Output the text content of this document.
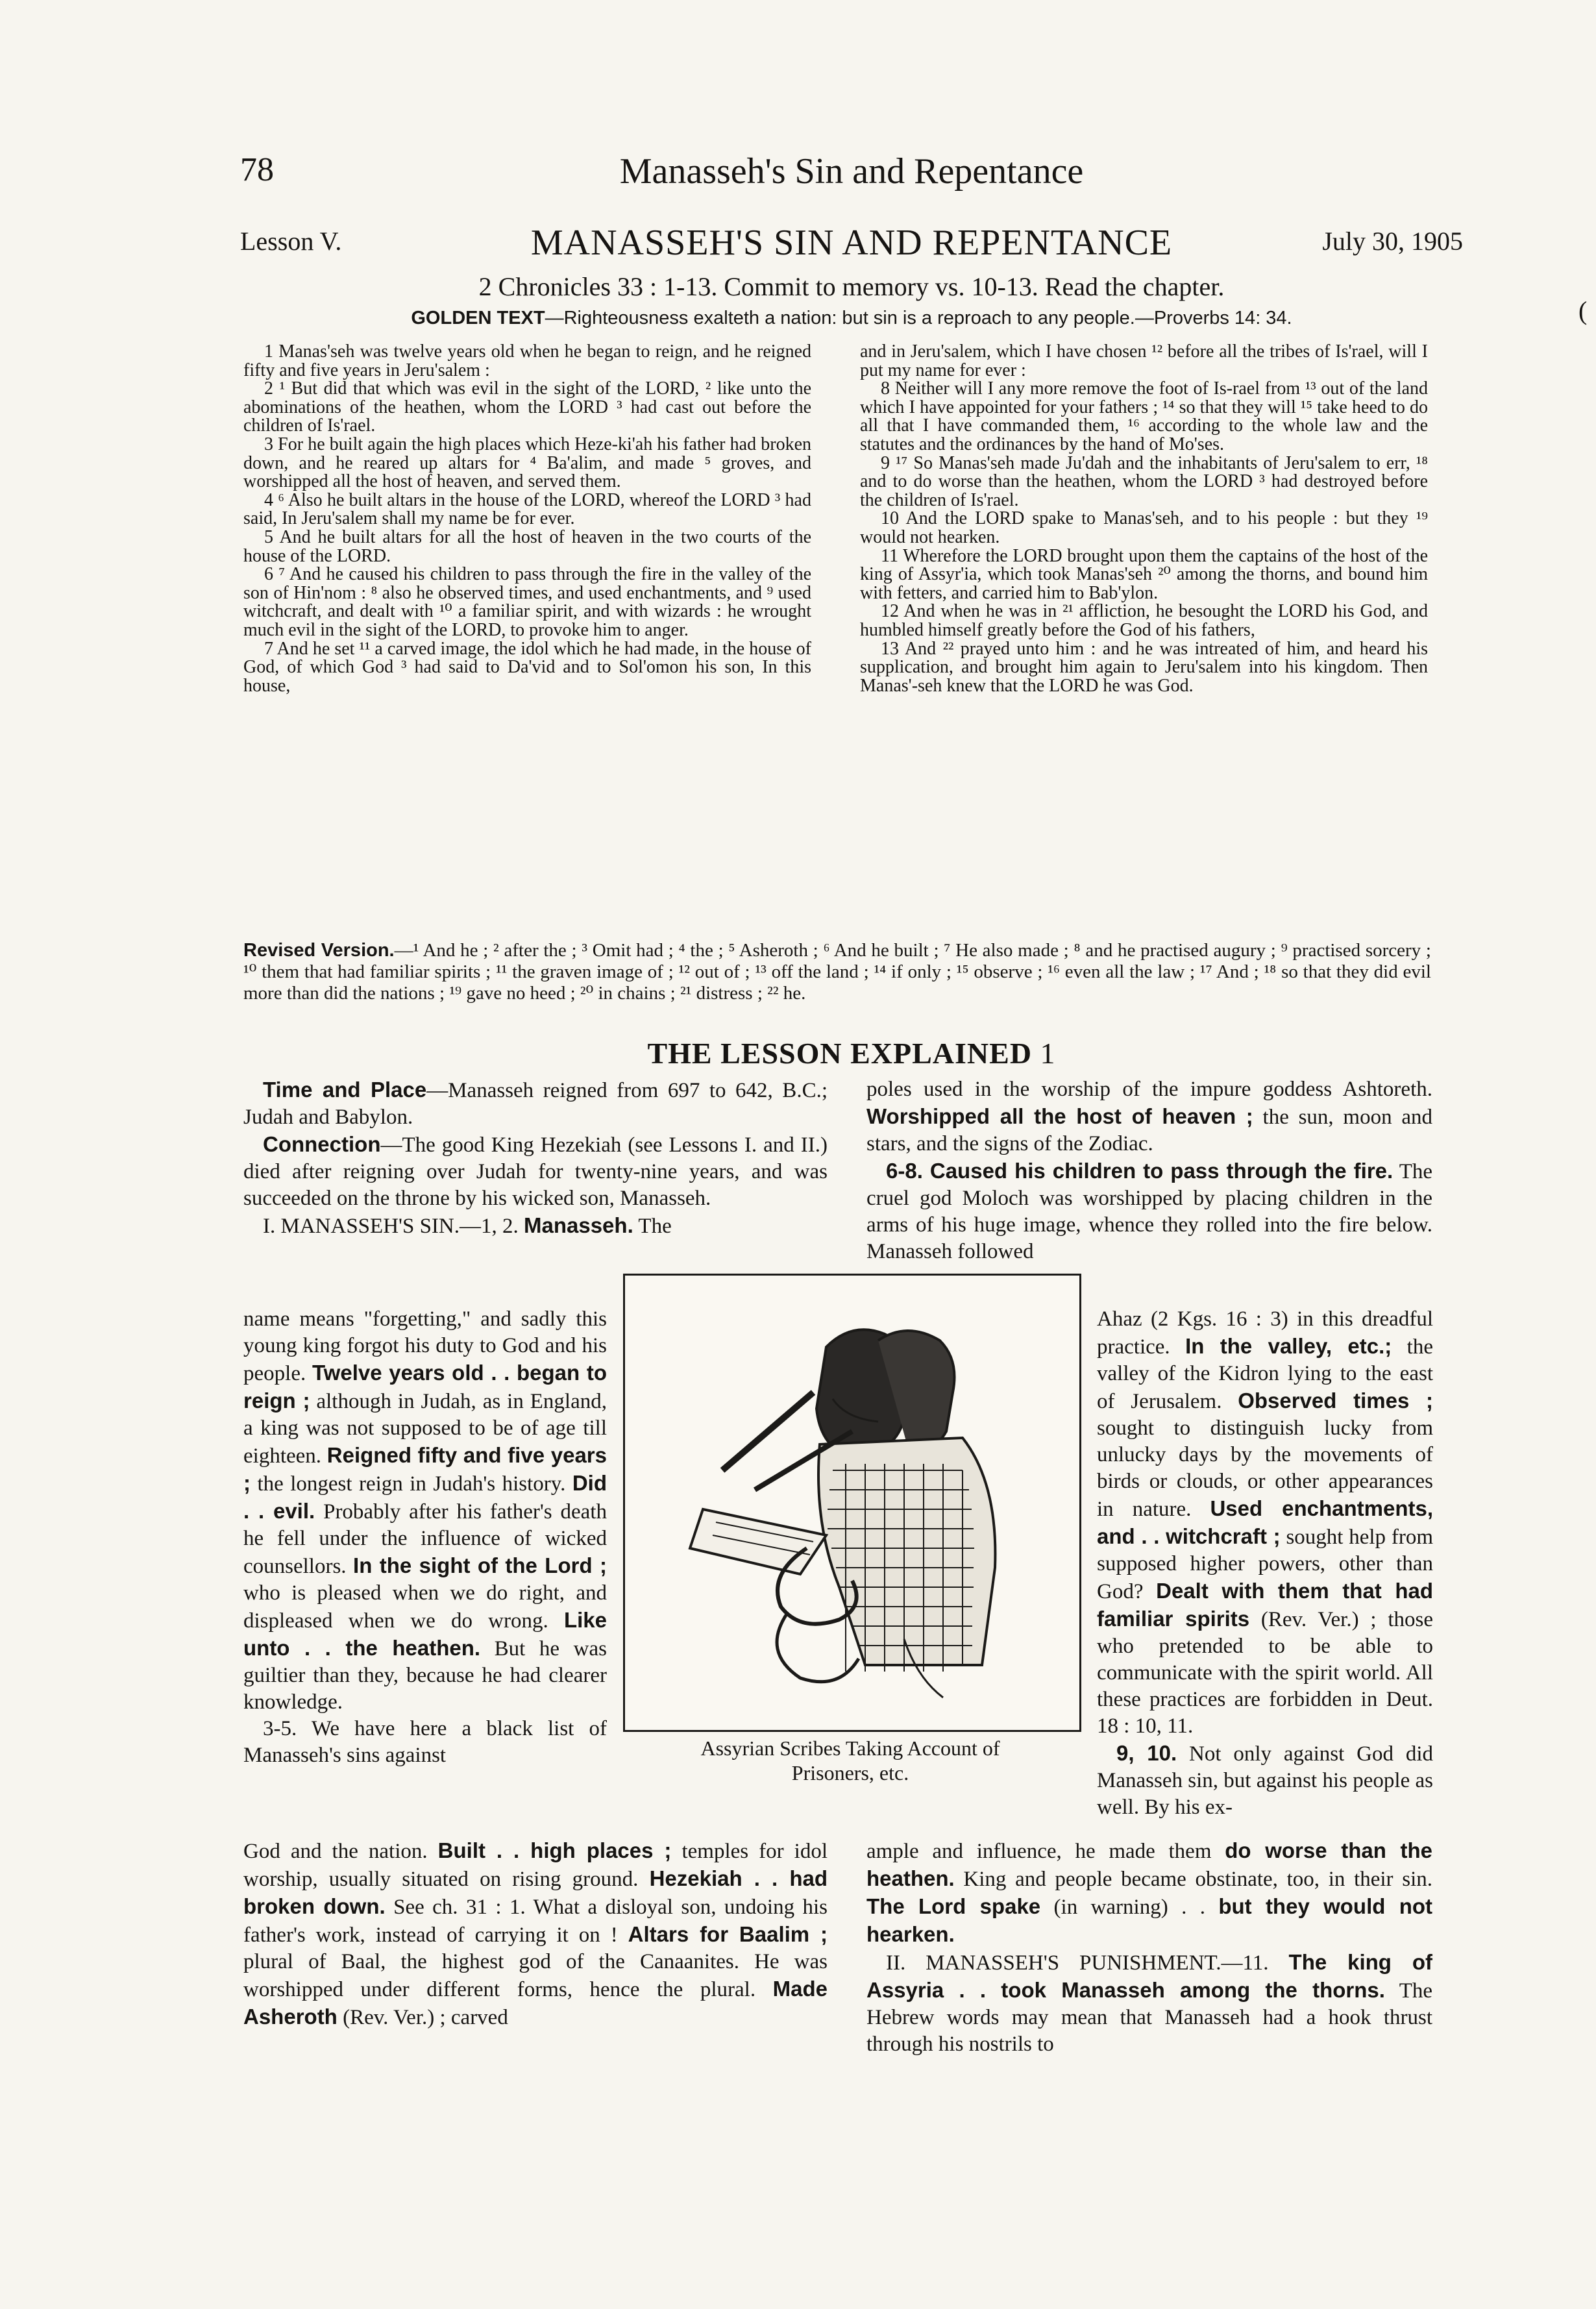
78	Manasseh's Sin and Repentance
Lesson V.	MANASSEH'S SIN AND REPENTANCE	July 30, 1905
2 Chronicles 33 : 1-13. Commit to memory vs. 10-13. Read the chapter.
GOLDEN TEXT—Righteousness exalteth a nation: but sin is a reproach to any people.—Proverbs 14: 34.

1 Manas'seh was twelve years old when he began to reign, and he reigned fifty and five years in Jeru'salem :

2 ¹ But did that which was evil in the sight of the LORD, ² like unto the abominations of the heathen, whom the LORD ³ had cast out before the children of Is'rael.

3 For he built again the high places which Heze-ki'ah his father had broken down, and he reared up altars for ⁴ Ba'alim, and made ⁵ groves, and worshipped all the host of heaven, and served them.

4 ⁶ Also he built altars in the house of the LORD, whereof the LORD ³ had said, In Jeru'salem shall my name be for ever.

5 And he built altars for all the host of heaven in the two courts of the house of the LORD.

6 ⁷ And he caused his children to pass through the fire in the valley of the son of Hin'nom : ⁸ also he observed times, and used enchantments, and ⁹ used witchcraft, and dealt with ¹⁰ a familiar spirit, and with wizards : he wrought much evil in the sight of the LORD, to provoke him to anger.

7 And he set ¹¹ a carved image, the idol which he had made, in the house of God, of which God ³ had said to Da'vid and to Sol'omon his son, In this house,

and in Jeru'salem, which I have chosen ¹² before all the tribes of Is'rael, will I put my name for ever :

8 Neither will I any more remove the foot of Is-rael from ¹³ out of the land which I have appointed for your fathers ; ¹⁴ so that they will ¹⁵ take heed to do all that I have commanded them, ¹⁶ according to the whole law and the statutes and the ordinances by the hand of Mo'ses.

9 ¹⁷ So Manas'seh made Ju'dah and the inhabitants of Jeru'salem to err, ¹⁸ and to do worse than the heathen, whom the LORD ³ had destroyed before the children of Is'rael.

10 And the LORD spake to Manas'seh, and to his people : but they ¹⁹ would not hearken.

11 Wherefore the LORD brought upon them the captains of the host of the king of Assyr'ia, which took Manas'seh ²⁰ among the thorns, and bound him with fetters, and carried him to Bab'ylon.

12 And when he was in ²¹ affliction, he besought the LORD his God, and humbled himself greatly before the God of his fathers,

13 And ²² prayed unto him : and he was intreated of him, and heard his supplication, and brought him again to Jeru'salem into his kingdom. Then Manas'-seh knew that the LORD he was God.

Revised Version.—¹ And he ; ² after the ; ³ Omit had ; ⁴ the ; ⁵ Asheroth ; ⁶ And he built ; ⁷ He also made ; ⁸ and he practised augury ; ⁹ practised sorcery ; ¹⁰ them that had familiar spirits ; ¹¹ the graven image of ; ¹² out of ; ¹³ off the land ; ¹⁴ if only ; ¹⁵ observe ; ¹⁶ even all the law ; ¹⁷ And ; ¹⁸ so that they did evil more than did the nations ; ¹⁹ gave no heed ; ²⁰ in chains ; ²¹ distress ; ²² he.
THE LESSON EXPLAINED 1

Time and Place—Manasseh reigned from 697 to 642, B.C.; Judah and Babylon.

Connection—The good King Hezekiah (see Lessons I. and II.) died after reigning over Judah for twenty-nine years, and was succeeded on the throne by his wicked son, Manasseh.

I. MANASSEH'S SIN.—1, 2. Manasseh. The

poles used in the worship of the impure goddess Ashtoreth. Worshipped all the host of heaven ; the sun, moon and stars, and the signs of the Zodiac.

6-8. Caused his children to pass through the fire. The cruel god Moloch was worshipped by placing children in the arms of his huge image, whence they rolled into the fire below. Manasseh followed

name means "forgetting," and sadly this young king forgot his duty to God and his people. Twelve years old . . began to reign ; although in Judah, as in England, a king was not supposed to be of age till eighteen. Reigned fifty and five years ; the longest reign in Judah's history. Did . . evil. Probably after his father's death he fell under the influence of wicked counsellors. In the sight of the Lord ; who is pleased when we do right, and displeased when we do wrong. Like unto . . the heathen. But he was guiltier than they, because he had clearer knowledge.

3-5. We have here a black list of Manasseh's sins against	Assyrian Scribes Taking Account of
Prisoners, etc.

Ahaz (2 Kgs. 16 : 3) in this dreadful practice. In the valley, etc.; the valley of the Kidron lying to the east of Jerusalem. Observed times ; sought to distinguish lucky from unlucky days by the movements of birds or clouds, or other appearances in nature. Used enchantments, and . . witchcraft ; sought help from supposed higher powers, other than God? Dealt with them that had familiar spirits (Rev. Ver.) ; those who pretended to be able to communicate with the spirit world. All these practices are forbidden in Deut. 18 : 10, 11.

9, 10. Not only against God did Manasseh sin, but against his people as well. By his ex-

God and the nation. Built . . high places ; temples for idol worship, usually situated on rising ground. Hezekiah . . had broken down. See ch. 31 : 1. What a disloyal son, undoing his father's work, instead of carrying it on ! Altars for Baalim ; plural of Baal, the highest god of the Canaanites. He was worshipped under different forms, hence the plural. Made Asheroth (Rev. Ver.) ; carved

ample and influence, he made them do worse than the heathen. King and people became obstinate, too, in their sin. The Lord spake (in warning) . . but they would not hearken.

II. MANASSEH'S PUNISHMENT.—11. The king of Assyria . . took Manasseh among the thorns. The Hebrew words may mean that Manasseh had a hook thrust through his nostrils to

(
